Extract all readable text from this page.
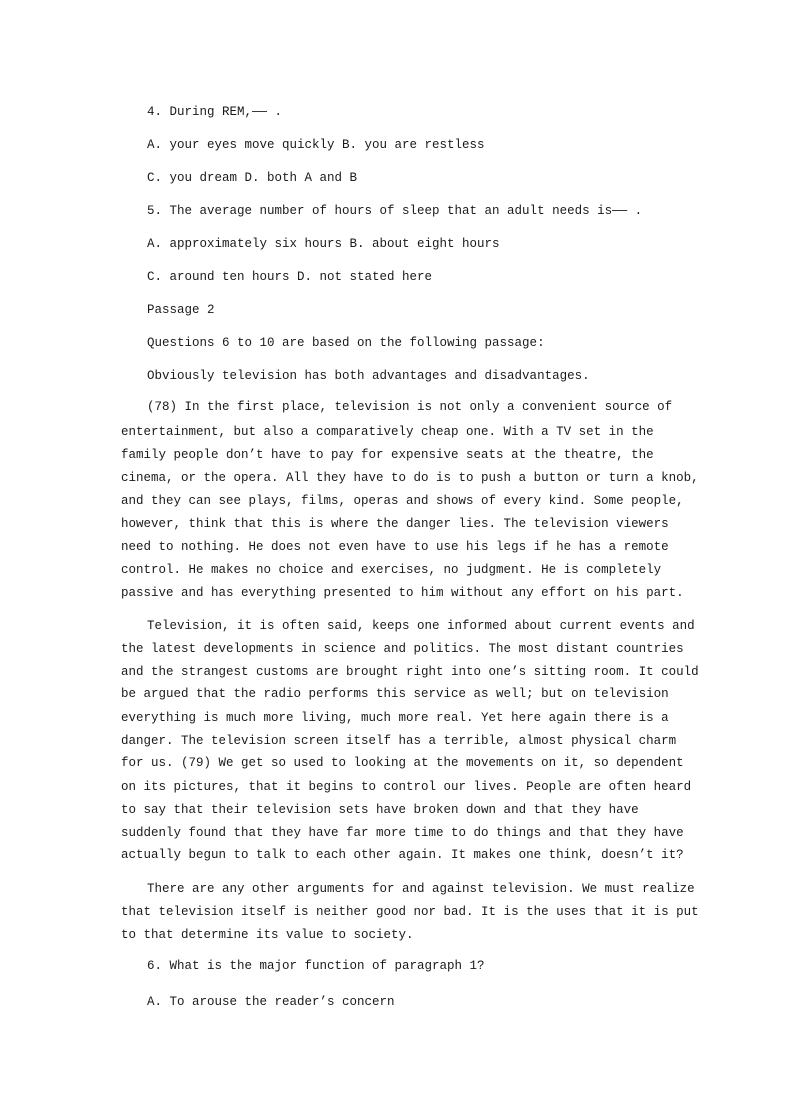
4. During REM,—— .

A. your eyes move quickly B. you are restless

C. you dream D. both A and B

5. The average number of hours of sleep that an adult needs is—— .

A. approximately six hours B. about eight hours

C. around ten hours D. not stated here

Passage 2

Questions 6 to 10 are based on the following passage:

Obviously television has both advantages and disadvantages.

(78) In the first place, television is not only a convenient source of

entertainment, but also a comparatively cheap one. With a TV set in the

family people don’t have to pay for expensive seats at the theatre, the

cinema, or the opera. All they have to do is to push a button or turn a knob,

and they can see plays, films, operas and shows of every kind. Some people,

however, think that this is where the danger lies. The television viewers

need to nothing. He does not even have to use his legs if he has a remote

control. He makes no choice and exercises, no judgment. He is completely

passive and has everything presented to him without any effort on his part.

Television, it is often said, keeps one informed about current events and

the latest developments in science and politics. The most distant countries

and the strangest customs are brought right into one’s sitting room. It could

be argued that the radio performs this service as well; but on television

everything is much more living, much more real. Yet here again there is a

danger. The television screen itself has a terrible, almost physical charm

for us. (79) We get so used to looking at the movements on it, so dependent

on its pictures, that it begins to control our lives. People are often heard

to say that their television sets have broken down and that they have

suddenly found that they have far more time to do things and that they have

actually begun to talk to each other again. It makes one think, doesn’t it?

There are any other arguments for and against television. We must realize

that television itself is neither good nor bad. It is the uses that it is put

to that determine its value to society.

6. What is the major function of paragraph 1?

A. To arouse the reader’s concern
